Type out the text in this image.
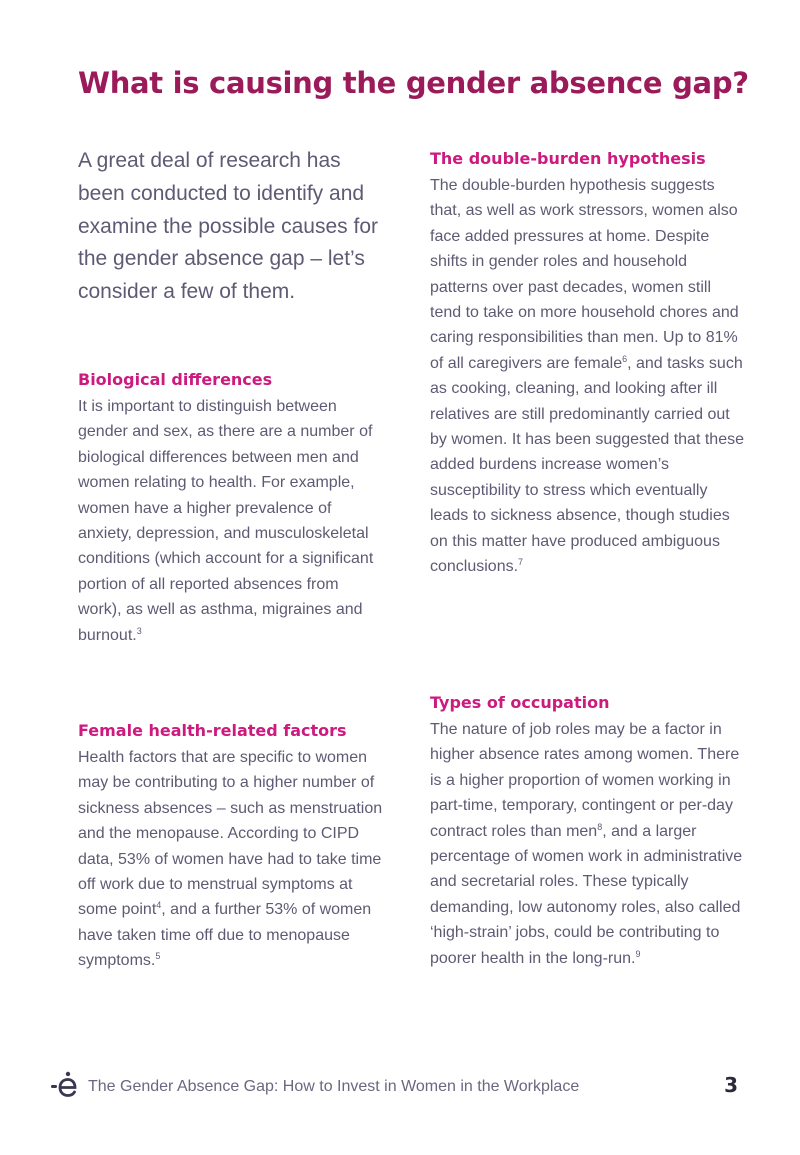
What is causing the gender absence gap?

A great deal of research has been conducted to identify and examine the possible causes for the gender absence gap – let’s consider a few of them.

Biological differences

It is important to distinguish between gender and sex, as there are a number of biological differences between men and women relating to health. For example, women have a higher prevalence of anxiety, depression, and musculoskeletal conditions (which account for a significant portion of all reported absences from work), as well as asthma, migraines and burnout.$^3$

Female health-related factors

Health factors that are specific to women may be contributing to a higher number of sickness absences – such as menstruation and the menopause. According to CIPD data, 53% of women have had to take time off work due to menstrual symptoms at some point$^4$, and a further 53% of women have taken time off due to menopause symptoms.$^5$

The double-burden hypothesis

The double-burden hypothesis suggests that, as well as work stressors, women also face added pressures at home. Despite shifts in gender roles and household patterns over past decades, women still tend to take on more household chores and caring responsibilities than men. Up to 81% of all caregivers are female$^6$, and tasks such as cooking, cleaning, and looking after ill relatives are still predominantly carried out by women. It has been suggested that these added burdens increase women’s susceptibility to stress which eventually leads to sickness absence, though studies on this matter have produced ambiguous conclusions.$^7$

Types of occupation

The nature of job roles may be a factor in higher absence rates among women. There is a higher proportion of women working in part-time, temporary, contingent or per-day contract roles than men$^8$, and a larger percentage of women work in administrative and secretarial roles. These typically demanding, low autonomy roles, also called ‘high-strain’ jobs, could be contributing to poorer health in the long-run.$^9$

The Gender Absence Gap: How to Invest in Women in the Workplace	3
